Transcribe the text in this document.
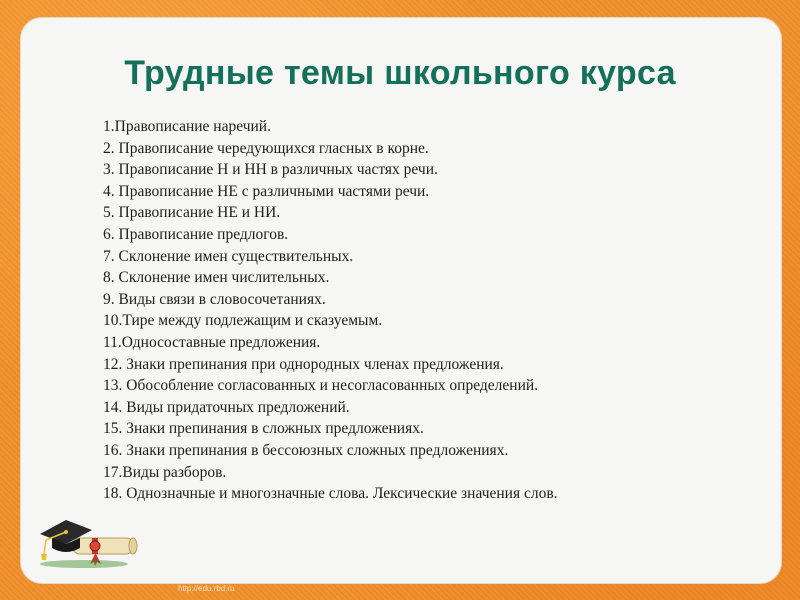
Трудные темы школьного курса
1.Правописание наречий.
2. Правописание чередующихся гласных в корне.
3. Правописание Н и НН в различных частях речи.
4. Правописание НЕ с различными частями речи.
5. Правописание НЕ и НИ.
6. Правописание предлогов.
7. Склонение имен существительных.
8. Склонение имен числительных.
9. Виды связи в словосочетаниях.
10.Тире между подлежащим и сказуемым.
11.Односоставные предложения.
12. Знаки препинания при однородных членах предложения.
13. Обособление согласованных и несогласованных определений.
14. Виды придаточных предложений.
15. Знаки препинания в сложных предложениях.
16. Знаки препинания в бессоюзных сложных предложениях.
17.Виды разборов.
18. Однозначные и многозначные слова. Лексические значения слов.
http://edu.rbd.ru
